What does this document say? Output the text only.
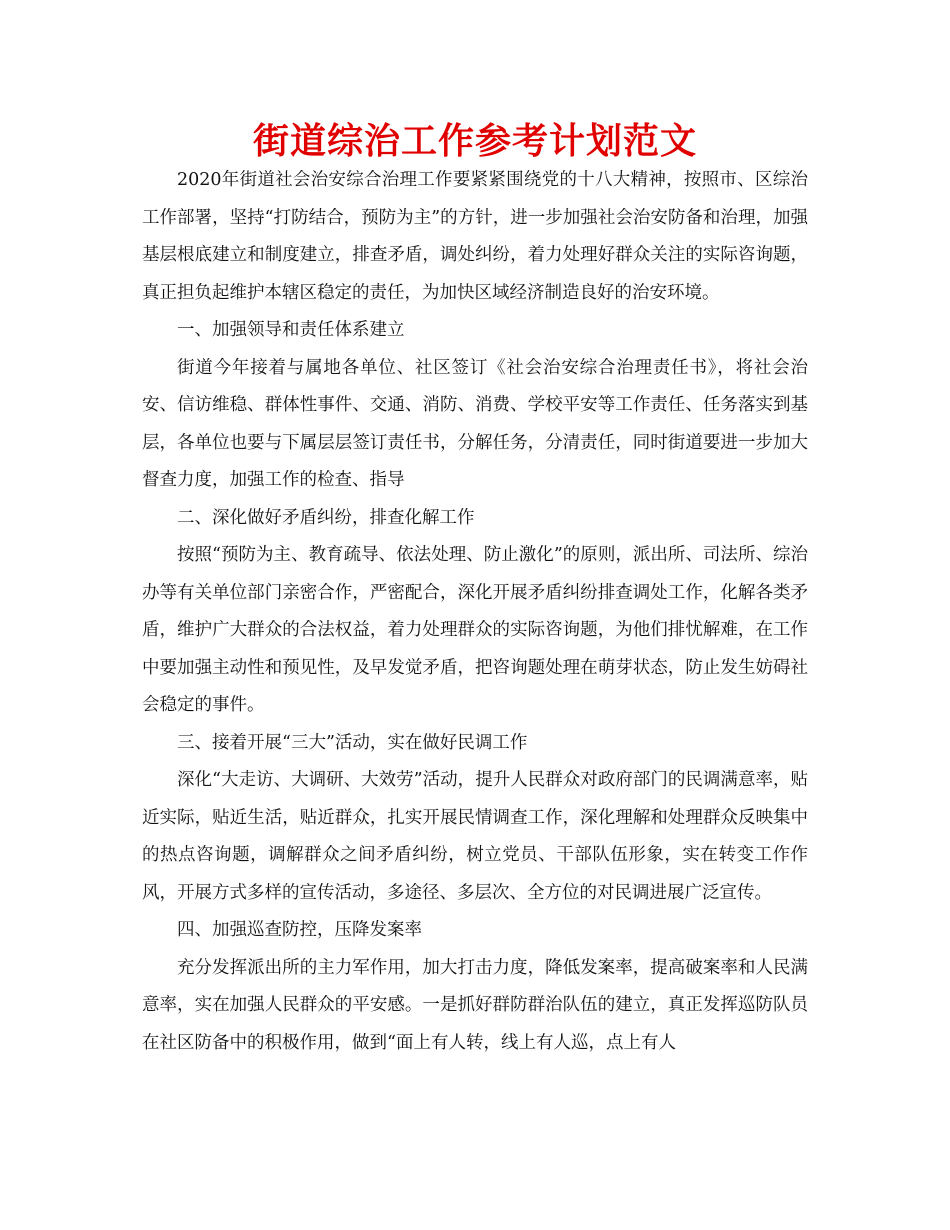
街道综治工作参考计划范文

2020年街道社会治安综合治理工作要紧紧围绕党的十八大精神，按照市、区综治工作部署，坚持“打防结合，预防为主”的方针，进一步加强社会治安防备和治理，加强基层根底建立和制度建立，排查矛盾，调处纠纷，着力处理好群众关注的实际咨询题，真正担负起维护本辖区稳定的责任，为加快区域经济制造良好的治安环境。

一、加强领导和责任体系建立

街道今年接着与属地各单位、社区签订《社会治安综合治理责任书》，将社会治安、信访维稳、群体性事件、交通、消防、消费、学校平安等工作责任、任务落实到基层，各单位也要与下属层层签订责任书，分解任务，分清责任，同时街道要进一步加大督查力度，加强工作的检查、指导

二、深化做好矛盾纠纷，排查化解工作

按照“预防为主、教育疏导、依法处理、防止激化”的原则，派出所、司法所、综治办等有关单位部门亲密合作，严密配合，深化开展矛盾纠纷排查调处工作，化解各类矛盾，维护广大群众的合法权益，着力处理群众的实际咨询题，为他们排忧解难，在工作中要加强主动性和预见性，及早发觉矛盾，把咨询题处理在萌芽状态，防止发生妨碍社会稳定的事件。

三、接着开展“三大”活动，实在做好民调工作

深化“大走访、大调研、大效劳”活动，提升人民群众对政府部门的民调满意率，贴近实际，贴近生活，贴近群众，扎实开展民情调查工作，深化理解和处理群众反映集中的热点咨询题，调解群众之间矛盾纠纷，树立党员、干部队伍形象，实在转变工作作风，开展方式多样的宣传活动，多途径、多层次、全方位的对民调进展广泛宣传。

四、加强巡查防控，压降发案率

充分发挥派出所的主力军作用，加大打击力度，降低发案率，提高破案率和人民满意率，实在加强人民群众的平安感。一是抓好群防群治队伍的建立，真正发挥巡防队员在社区防备中的积极作用，做到“面上有人转，线上有人巡，点上有人
